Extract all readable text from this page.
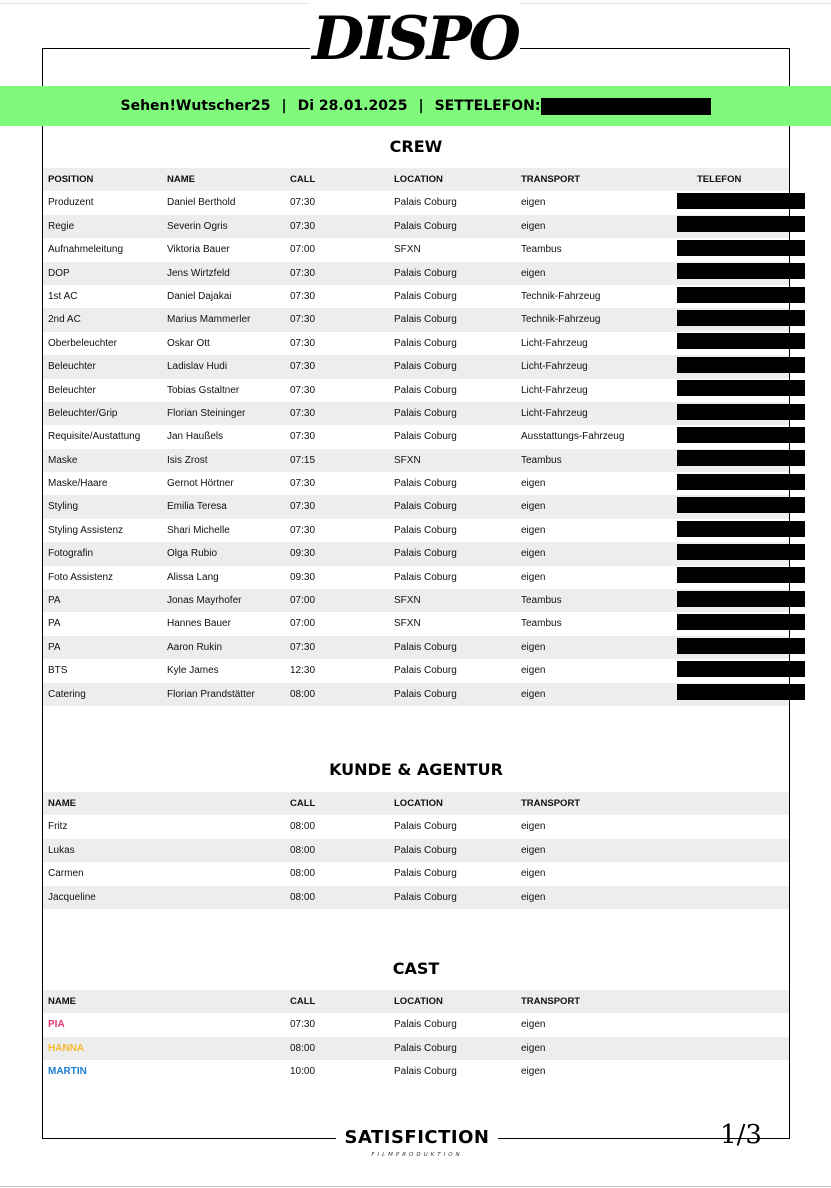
DISPO
Sehen!Wutscher25 | Di 28.01.2025 | SETTELEFON:
CREW
POSITION	NAME	CALL	LOCATION	TRANSPORT	TELEFON
Produzent	Daniel Berthold	07:30	Palais Coburg	eigen
Regie	Severin Ogris	07:30	Palais Coburg	eigen
Aufnahmeleitung	Viktoria Bauer	07:00	SFXN	Teambus
DOP	Jens Wirtzfeld	07:30	Palais Coburg	eigen
1st AC	Daniel Dajakai	07:30	Palais Coburg	Technik-Fahrzeug
2nd AC	Marius Mammerler	07:30	Palais Coburg	Technik-Fahrzeug
Oberbeleuchter	Oskar Ott	07:30	Palais Coburg	Licht-Fahrzeug
Beleuchter	Ladislav Hudi	07:30	Palais Coburg	Licht-Fahrzeug
Beleuchter	Tobias Gstaltner	07:30	Palais Coburg	Licht-Fahrzeug
Beleuchter/Grip	Florian Steininger	07:30	Palais Coburg	Licht-Fahrzeug
Requisite/Austattung	Jan Haußels	07:30	Palais Coburg	Ausstattungs-Fahrzeug
Maske	Isis Zrost	07:15	SFXN	Teambus
Maske/Haare	Gernot Hörtner	07:30	Palais Coburg	eigen
Styling	Emilia Teresa	07:30	Palais Coburg	eigen
Styling Assistenz	Shari Michelle	07:30	Palais Coburg	eigen
Fotografin	Olga Rubio	09:30	Palais Coburg	eigen
Foto Assistenz	Alissa Lang	09:30	Palais Coburg	eigen
PA	Jonas Mayrhofer	07:00	SFXN	Teambus
PA	Hannes Bauer	07:00	SFXN	Teambus
PA	Aaron Rukin	07:30	Palais Coburg	eigen
BTS	Kyle James	12:30	Palais Coburg	eigen
Catering	Florian Prandstätter	08:00	Palais Coburg	eigen
KUNDE & AGENTUR
NAME	CALL	LOCATION	TRANSPORT
Fritz	08:00	Palais Coburg	eigen
Lukas	08:00	Palais Coburg	eigen
Carmen	08:00	Palais Coburg	eigen
Jacqueline	08:00	Palais Coburg	eigen
CAST
NAME	CALL	LOCATION	TRANSPORT
PIA	07:30	Palais Coburg	eigen
HANNA	08:00	Palais Coburg	eigen
MARTIN	10:00	Palais Coburg	eigen
SATISFICTION
FILMPRODUKTION
1/3
